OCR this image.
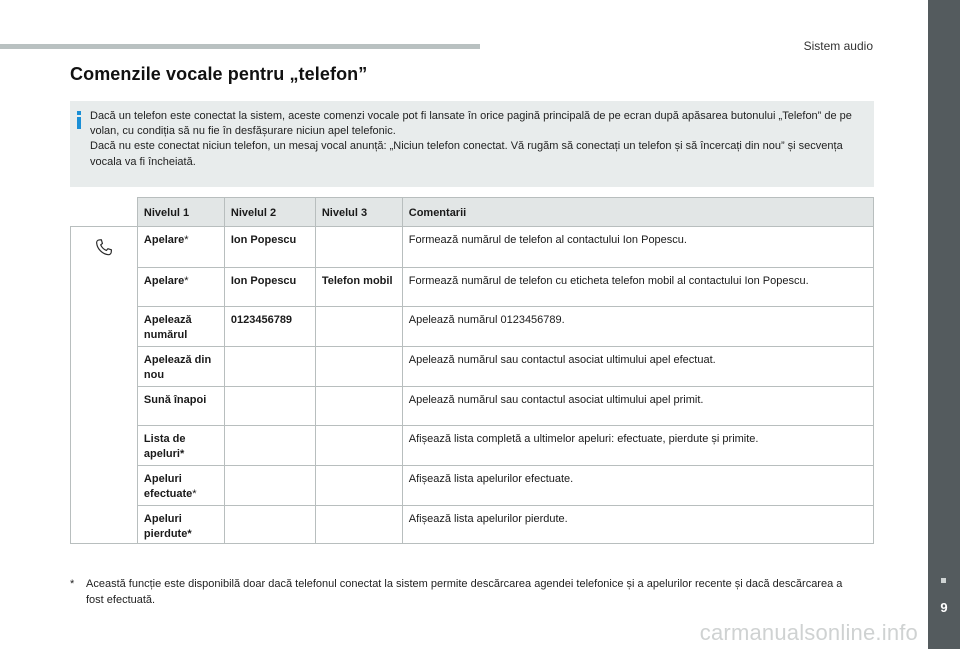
Sistem audio
9
Comenzile vocale pentru „telefon”

Dacă un telefon este conectat la sistem, aceste comenzi vocale pot fi lansate în orice pagină principală de pe ecran după apăsarea butonului „Telefon” de pe volan, cu condiția să nu fie în desfășurare niciun apel telefonic.

Dacă nu este conectat niciun telefon, un mesaj vocal anunță: „Niciun telefon conectat. Vă rugăm să conectați un telefon și să încercați din nou” și secvența vocala va fi încheiată.

	Nivelul 1	Nivelul 2	Nivelul 3	Comentarii
	Apelare*	Ion Popescu		Formează numărul de telefon al contactului Ion Popescu.
	Apelare*	Ion Popescu	Telefon mobil	Formează numărul de telefon cu eticheta telefon mobil al contactului Ion Popescu.
	Apelează numărul	0123456789		Apelează numărul 0123456789.
	Apelează din nou			Apelează numărul sau contactul asociat ultimului apel efectuat.
	Sună înapoi			Apelează numărul sau contactul asociat ultimului apel primit.
	Lista de apeluri*			Afișează lista completă a ultimelor apeluri: efectuate, pierdute și primite.
	Apeluri efectuate*			Afișează lista apelurilor efectuate.
	Apeluri pierdute*			Afișează lista apelurilor pierdute.
* Această funcție este disponibilă doar dacă telefonul conectat la sistem permite descărcarea agendei telefonice și a apelurilor recente și dacă descărcarea a fost efectuată.
carmanualsonline.info
